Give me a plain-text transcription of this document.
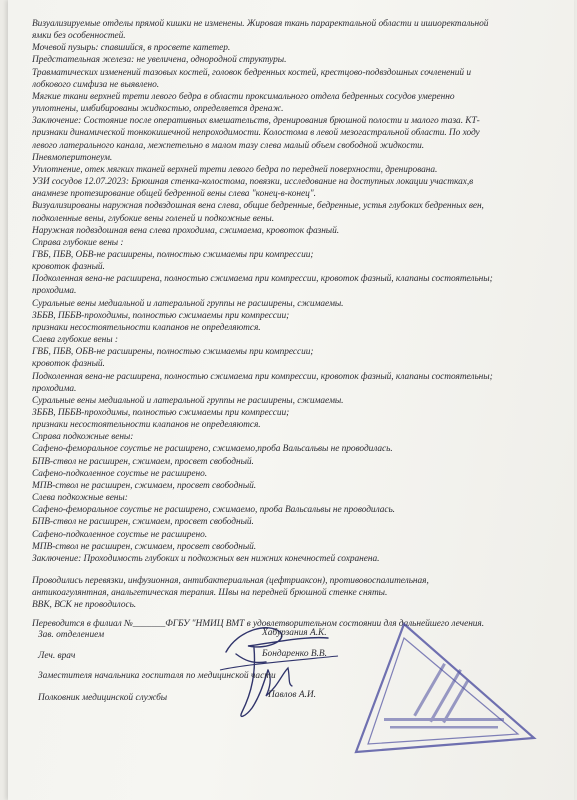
Визуализируемые отделы прямой кишки не изменены. Жировая ткань параректальной области и ишиоректальной
ямки без особенностей.
Мочевой пузырь: спавшийся, в просвете катетер.
Предстательная железа: не увеличена, однородной структуры.
Травматических изменений тазовых костей, головок бедренных костей, крестцово-подвздошных сочленений и
лобкового симфиза не выявлено.
Мягкие ткани верхней трети левого бедра в области проксимального отдела бедренных сосудов умеренно
уплотнены, имбибированы жидкостью, определяется дренаж.
Заключение: Состояние после оперативных вмешательств, дренирования брюшной полости и малого таза. КТ-
признаки динамической тонкокишечной непроходимости. Колостома в левой мезогастральной области. По ходу
левого латерального канала, межпетельно в малом тазу слева малый объем свободной жидкости.
Пневмоперитонеум.
Уплотнение, отек мягких тканей верхней трети левого бедра по передней поверхности, дренирована.
УЗИ сосудов 12.07.2023: Брюшная стенка-колостома, повязки, исследование на доступных локации участках,в
анамнезе протезирование общей бедренной вены слева "конец-в-конец".
Визуализированы наружная подвздошная вена слева, общие бедренные, бедренные, устья глубоких бедренных вен,
подколенные вены, глубокие вены голеней и подкожные вены.
Наружная подвздошная вена слева проходима, сжимаема, кровоток фазный.
Справа глубокие вены :
ГВБ, ПБВ, ОБВ-не расширены, полностью сжимаемы при компрессии;
кровоток фазный.
Подколенная вена-не расширена, полностью сжимаема при компрессии, кровоток фазный, клапаны состоятельны;
проходима.
Суральные вены медиальной и латеральной группы не расширены, сжимаемы.
ЗББВ, ПББВ-проходимы, полностью сжимаемы при компрессии;
признаки несостоятельности клапанов не определяются.
Слева глубокие вены :
ГВБ, ПБВ, ОБВ-не расширены, полностью сжимаемы при компрессии;
кровоток фазный.
Подколенная вена-не расширена, полностью сжимаема при компрессии, кровоток фазный, клапаны состоятельны;
проходима.
Суральные вены медиальной и латеральной группы не расширены, сжимаемы.
ЗББВ, ПББВ-проходимы, полностью сжимаемы при компрессии;
признаки несостоятельности клапанов не определяются.
Справа подкожные вены:
Сафено-феморальное соустье не расширено, сжимаемо,проба Вальсальвы не проводилась.
БПВ-ствол не расширен, сжимаем, просвет свободный.
Сафено-подколенное соустье не расширено.
МПВ-ствол не расширен, сжимаем, просвет свободный.
Слева подкожные вены:
Сафено-феморальное соустье не расширено, сжимаемо, проба Вальсальвы не проводилась.
БПВ-ствол не расширен, сжимаем, просвет свободный.
Сафено-подколенное соустье не расширено.
МПВ-ствол не расширен, сжимаем, просвет свободный.
Заключение: Проходимость глубоких и подкожных вен нижних конечностей сохранена.
Проводились перевязки, инфузионная, антибактериальная (цефтриаксон), противовоспалительная,
антикоагулянтная, анальгетическая терапия. Швы на передней брюшной стенке сняты.
ВВК, ВСК не проводилось.
Переводится в филиал №_______ФГБУ "НМИЦ ВМТ в удовлетворительном состоянии для дальнейшего лечения.
Зав. отделением	Хабурзания А.К.
Леч. врач	Бондаренко В.В.
Заместителя начальника госпиталя по медицинской части
Полковник медицинской службы	Павлов А.И.
